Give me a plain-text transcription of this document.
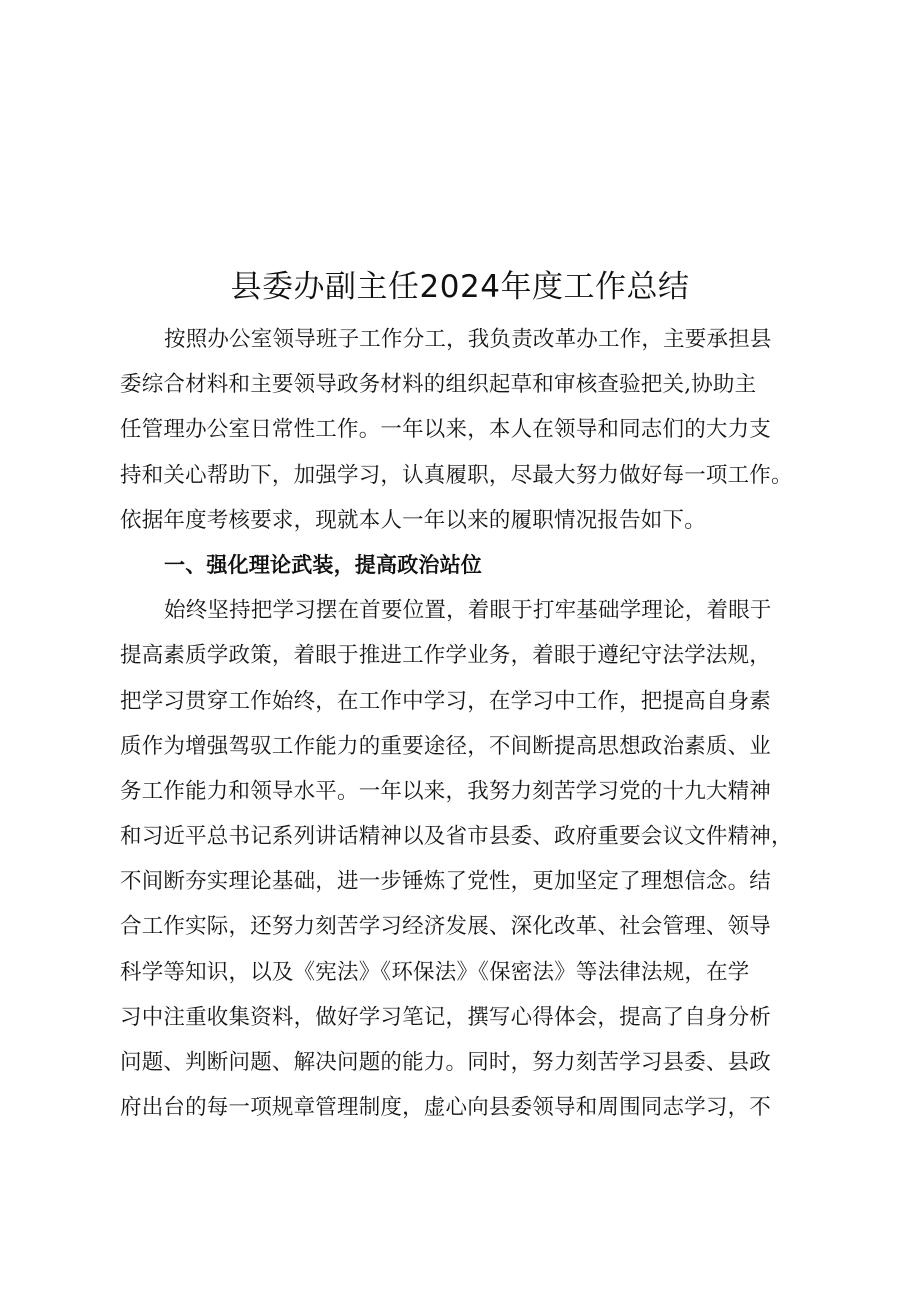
县委办副主任2024年度工作总结
按照办公室领导班子工作分工，我负责改革办工作，主要承担县
委综合材料和主要领导政务材料的组织起草和审核查验把关,协助主
任管理办公室日常性工作。一年以来，本人在领导和同志们的大力支
持和关心帮助下，加强学习，认真履职，尽最大努力做好每一项工作。
依据年度考核要求，现就本人一年以来的履职情况报告如下。
一、强化理论武装，提高政治站位
始终坚持把学习摆在首要位置，着眼于打牢基础学理论，着眼于
提高素质学政策，着眼于推进工作学业务，着眼于遵纪守法学法规，
把学习贯穿工作始终，在工作中学习，在学习中工作，把提高自身素
质作为增强驾驭工作能力的重要途径，不间断提高思想政治素质、业
务工作能力和领导水平。一年以来，我努力刻苦学习党的十九大精神
和习近平总书记系列讲话精神以及省市县委、政府重要会议文件精神，
不间断夯实理论基础，进一步锤炼了党性，更加坚定了理想信念。结
合工作实际，还努力刻苦学习经济发展、深化改革、社会管理、领导
科学等知识，以及《宪法》《环保法》《保密法》等法律法规，在学
习中注重收集资料，做好学习笔记，撰写心得体会，提高了自身分析
问题、判断问题、解决问题的能力。同时，努力刻苦学习县委、县政
府出台的每一项规章管理制度，虚心向县委领导和周围同志学习，不
